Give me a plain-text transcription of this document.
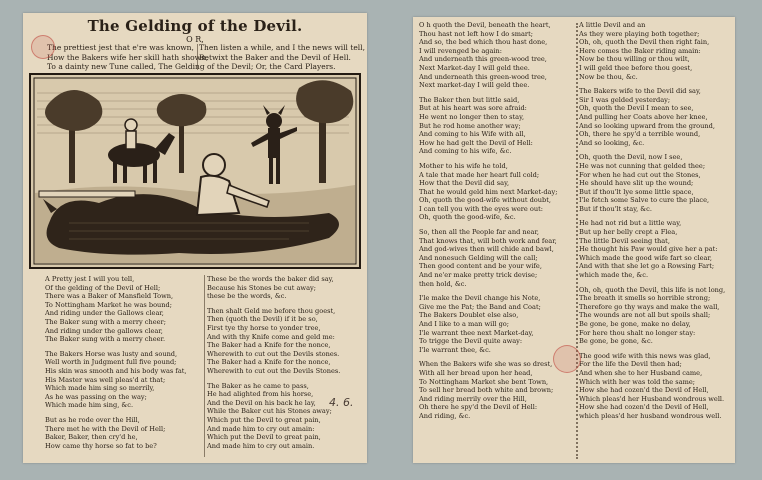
The Gelding of the Devil.
O R,
The prettiest jest that e're was known,
How the Bakers wife her skill hath shown,
To a dainty new Tune called, The Gelding of the Devil; Or, the Card Players.
Then listen a while, and I the news will tell,
Betwixt the Baker and the Devil of Hell.
A Pretty jest I will you tell,
Of the gelding of the Devil of Hell;
There was a Baker of Mansfield Town,
To Nottingham Market he was bound;
And riding under the Gallows clear,
The Baker sung with a merry cheer;
And riding under the gallows clear,
The Baker sung with a merry cheer.
The Bakers Horse was lusty and sound,
Well worth in Judgment full five pound;
His skin was smooth and his body was fat,
His Master was well pleas'd at that;
Which made him sing so merrily,
As he was passing on the way;
Which made him sing, &c.
But as he rode over the Hill,
There met he with the Devil of Hell;
Baker, Baker, then cry'd he,
How came thy horse so fat to be?
These be the words the baker did say,
Because his Stones be cut away;
these be the words, &c.
Then shalt Geld me before thou goest,
Then (quoth the Devil) if it be so,
First tye thy horse to yonder tree,
And with thy Knife come and geld me:
The Baker had a Knife for the nonce,
Wherewith to cut out the Devils stones.
The Baker had a Knife for the nonce,
Wherewith to cut out the Devils Stones.
The Baker as he came to pass,
He had alighted from his horse,
And the Devil on his back he lay,
While the Baker cut his Stones away;
Which put the Devil to great pain,
And made him to cry out amain:
Which put the Devil to great pain,
And made him to cry out amain.
4. 6.
O h quoth the Devil, beneath the heart,
Thou hast not left how I do smart;
And so, the bed which thou hast done,
I will revenged be again:
And underneath this green-wood tree,
Next Market-day I will geld thee.
And underneath this green-wood tree,
Next market-day I will geld thee.
The Baker then but little said,
But at his heart was sore afraid:
He went no longer then to stay,
But he rod home another way;
And coming to his Wife with all,
How he had gelt the Devil of Hell:
And coming to his wife, &c.
Mother to his wife he told,
A tale that made her heart full cold;
How that the Devil did say,
That he would geld him next Market-day;
Oh, quoth the good-wife without doubt,
I can tell you with the eyes were out:
Oh, quoth the good-wife, &c.
So, then all the People far and near,
That knows that, will both work and fear,
And god-wives then will chide and bawl,
And nonesuch Gelding will the call;
Then good content and be your wife,
And ne'er make pretty trick devise;
then hold, &c.
I'le make the Devil change his Note,
Give me the Pat; the Band and Coat;
The Bakers Doublet else also,
And I like to a man will go;
I'le warrant thee next Market-day,
To trigge the Devil quite away:
I'le warrant thee, &c.
When the Bakers wife she was so drest,
With all her bread upon her head,
To Nottingham Market she bent Town,
To sell her bread both white and brown;
And riding merrily over the Hill,
Oh there he spy'd the Devil of Hell:
And riding, &c.
A little Devil and an
As they were playing both together;
Oh, oh, quoth the Devil then right fain,
Here comes the Baker riding amain:
Now be thou willing or thou wilt,
I will geld thee before thou goest,
Now be thou, &c.
The Bakers wife to the Devil did say,
Sir I was gelded yesterday;
Oh, quoth the Devil I mean to see,
And pulling her Coats above her knee,
And so looking upward from the ground,
Oh, there he spy'd a terrible wound,
And so looking, &c.
Oh, quoth the Devil, now I see,
He was not cunning that gelded thee;
For when he had cut out the Stones,
He should have slit up the wound;
But if thou'lt lye some little space,
I'le fetch some Salve to cure the place,
But if thou'lt stay, &c.
He had not rid but a little way,
But up her belly crept a Flea,
The little Devil seeing that,
He thought his Paw would give her a pat:
Which made the good wife fart so clear,
And with that she let go a Rowsing Fart;
which made the, &c.
Oh, oh, quoth the Devil, this life is not long,
The breath it smells so horrible strong;
Therefore go thy ways and make the wall,
The wounds are not all but spoils shall;
Be gone, be gone, make no delay,
For here thou shalt no longer stay:
Be gone, be gone, &c.
The good wife with this news was glad,
For the life the Devil then had;
And when she to her Husband came,
Which with her was told the same;
How she had cozen'd the Devil of Hell,
Which pleas'd her Husband wondrous well.
How she had cozen'd the Devil of Hell,
which pleas'd her husband wondrous well.
